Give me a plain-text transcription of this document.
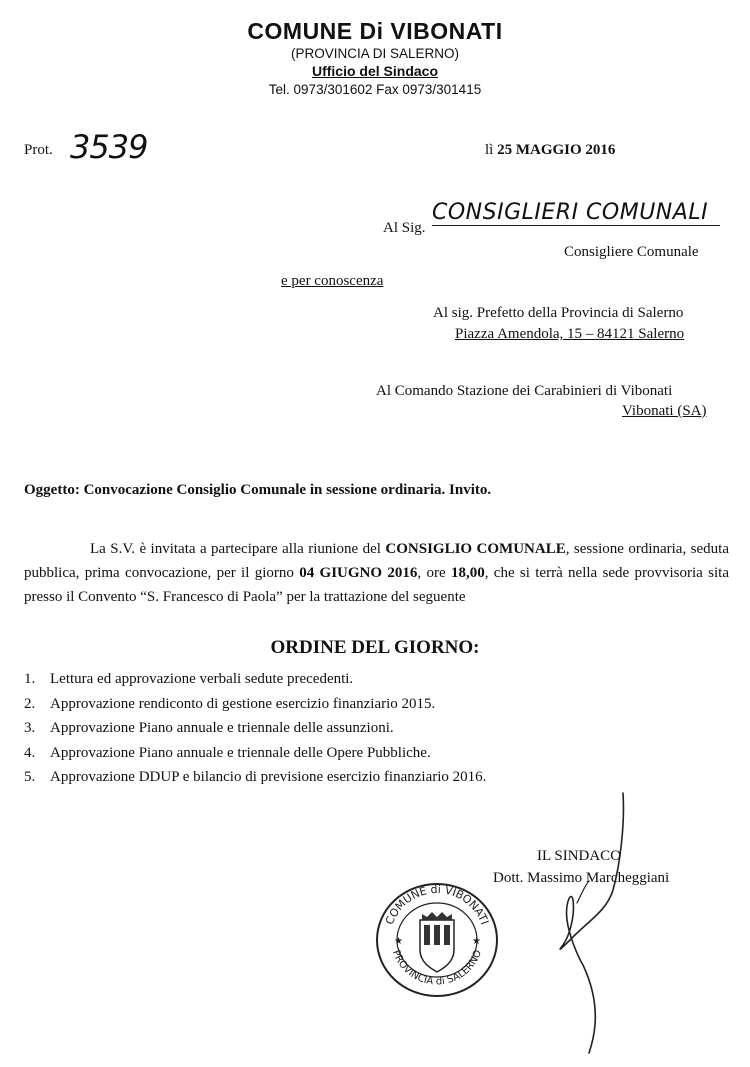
COMUNE Di VIBONATI
(PROVINCIA DI SALERNO)
Ufficio del Sindaco
Tel. 0973/301602 Fax 0973/301415
Prot. 3539	lì 25 MAGGIO 2016
Al Sig.
CONSIGLIERI COMUNALI
Consigliere Comunale
e per conoscenza
Al sig. Prefetto della Provincia di Salerno
Piazza Amendola, 15 – 84121 Salerno
Al Comando Stazione dei Carabinieri di Vibonati
Vibonati (SA)
Oggetto: Convocazione Consiglio Comunale in sessione ordinaria. Invito.
La S.V. è invitata a partecipare alla riunione del CONSIGLIO COMUNALE, sessione ordinaria, seduta pubblica, prima convocazione, per il giorno 04 GIUGNO 2016, ore 18,00, che si terrà nella sede provvisoria sita presso il Convento “S. Francesco di Paola” per la trattazione del seguente
ORDINE DEL GIORNO:
1. Lettura ed approvazione verbali sedute precedenti.
2. Approvazione rendiconto di gestione esercizio finanziario 2015.
3. Approvazione Piano annuale e triennale delle assunzioni.
4. Approvazione Piano annuale e triennale delle Opere Pubbliche.
5. Approvazione DDUP e bilancio di previsione esercizio finanziario 2016.
IL SINDACO
Dott. Massimo Marcheggiani
COMUNE di VIBONATI
PROVINCIA di SALERNO
★	★
